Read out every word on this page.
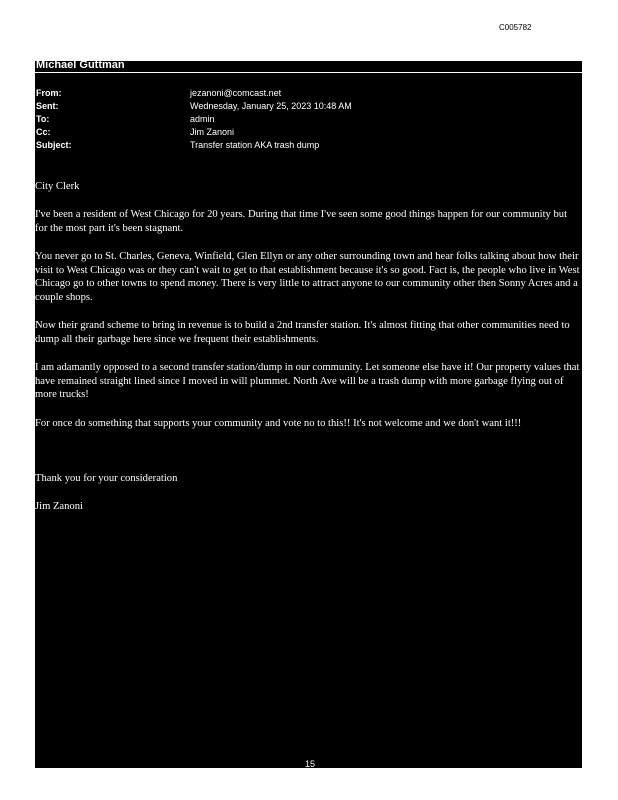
C005782
Michael Guttman
From:	jezanoni@comcast.net
Sent:	Wednesday, January 25, 2023 10:48 AM
To:	admin
Cc:	Jim Zanoni
Subject:	Transfer station AKA trash dump

City Clerk

I've been a resident of West Chicago for 20 years. During that time I've seen some good things happen for our community but for the most part it's been stagnant.

You never go to St. Charles, Geneva, Winfield, Glen Ellyn or any other surrounding town and hear folks talking about how their visit to West Chicago was or they can't wait to get to that establishment because it's so good. Fact is, the people who live in West Chicago go to other towns to spend money. There is very little to attract anyone to our community other then Sonny Acres and a couple shops.

Now their grand scheme to bring in revenue is to build a 2nd transfer station. It's almost fitting that other communities need to dump all their garbage here since we frequent their establishments.

I am adamantly opposed to a second transfer station/dump in our community. Let someone else have it! Our property values that have remained straight lined since I moved in will plummet. North Ave will be a trash dump with more garbage flying out of more trucks!

For once do something that supports your community and vote no to this!! It's not welcome and we don't want it!!!

Thank you for your consideration

Jim Zanoni

15
